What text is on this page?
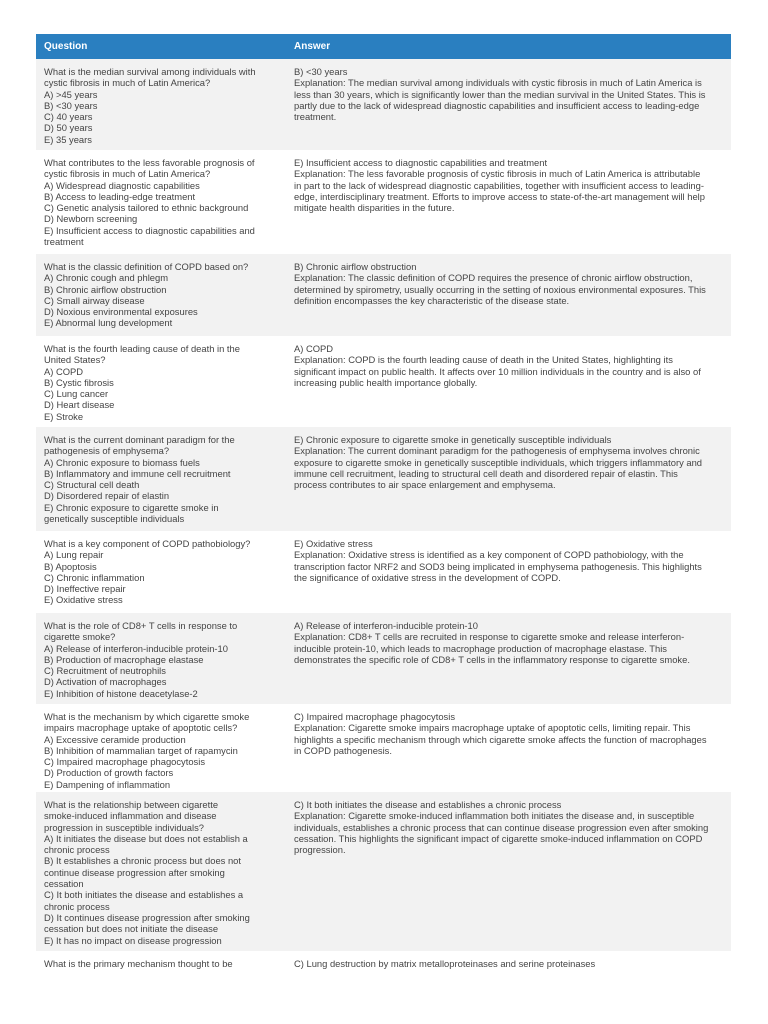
Question	Answer
What is the median survival among individuals with
cystic fibrosis in much of Latin America?
A) >45 years
B) <30 years
C) 40 years
D) 50 years
E) 35 years
B) <30 years
Explanation: The median survival among individuals with cystic fibrosis in much of Latin America is less than 30 years, which is significantly lower than the median survival in the United States. This is partly due to the lack of widespread diagnostic capabilities and insufficient access to leading-edge treatment.
What contributes to the less favorable prognosis of
cystic fibrosis in much of Latin America?
A) Widespread diagnostic capabilities
B) Access to leading-edge treatment
C) Genetic analysis tailored to ethnic background
D) Newborn screening
E) Insufficient access to diagnostic capabilities and
treatment
E) Insufficient access to diagnostic capabilities and treatment
Explanation: The less favorable prognosis of cystic fibrosis in much of Latin America is attributable in part to the lack of widespread diagnostic capabilities, together with insufficient access to leading-edge, interdisciplinary treatment. Efforts to improve access to state-of-the-art management will help mitigate health disparities in the future.
What is the classic definition of COPD based on?
A) Chronic cough and phlegm
B) Chronic airflow obstruction
C) Small airway disease
D) Noxious environmental exposures
E) Abnormal lung development
B) Chronic airflow obstruction
Explanation: The classic definition of COPD requires the presence of chronic airflow obstruction, determined by spirometry, usually occurring in the setting of noxious environmental exposures. This definition encompasses the key characteristic of the disease state.
What is the fourth leading cause of death in the
United States?
A) COPD
B) Cystic fibrosis
C) Lung cancer
D) Heart disease
E) Stroke
A) COPD
Explanation: COPD is the fourth leading cause of death in the United States, highlighting its significant impact on public health. It affects over 10 million individuals in the country and is also of increasing public health importance globally.
What is the current dominant paradigm for the
pathogenesis of emphysema?
A) Chronic exposure to biomass fuels
B) Inflammatory and immune cell recruitment
C) Structural cell death
D) Disordered repair of elastin
E) Chronic exposure to cigarette smoke in
genetically susceptible individuals
E) Chronic exposure to cigarette smoke in genetically susceptible individuals
Explanation: The current dominant paradigm for the pathogenesis of emphysema involves chronic exposure to cigarette smoke in genetically susceptible individuals, which triggers inflammatory and immune cell recruitment, leading to structural cell death and disordered repair of elastin. This process contributes to air space enlargement and emphysema.
What is a key component of COPD pathobiology?
A) Lung repair
B) Apoptosis
C) Chronic inflammation
D) Ineffective repair
E) Oxidative stress
E) Oxidative stress
Explanation: Oxidative stress is identified as a key component of COPD pathobiology, with the transcription factor NRF2 and SOD3 being implicated in emphysema pathogenesis. This highlights the significance of oxidative stress in the development of COPD.
What is the role of CD8+ T cells in response to
cigarette smoke?
A) Release of interferon-inducible protein-10
B) Production of macrophage elastase
C) Recruitment of neutrophils
D) Activation of macrophages
E) Inhibition of histone deacetylase-2
A) Release of interferon-inducible protein-10
Explanation: CD8+ T cells are recruited in response to cigarette smoke and release interferon-inducible protein-10, which leads to macrophage production of macrophage elastase. This demonstrates the specific role of CD8+ T cells in the inflammatory response to cigarette smoke.
What is the mechanism by which cigarette smoke
impairs macrophage uptake of apoptotic cells?
A) Excessive ceramide production
B) Inhibition of mammalian target of rapamycin
C) Impaired macrophage phagocytosis
D) Production of growth factors
E) Dampening of inflammation
C) Impaired macrophage phagocytosis
Explanation: Cigarette smoke impairs macrophage uptake of apoptotic cells, limiting repair. This highlights a specific mechanism through which cigarette smoke affects the function of macrophages in COPD pathogenesis.
What is the relationship between cigarette
smoke-induced inflammation and disease
progression in susceptible individuals?
A) It initiates the disease but does not establish a
chronic process
B) It establishes a chronic process but does not
continue disease progression after smoking
cessation
C) It both initiates the disease and establishes a
chronic process
D) It continues disease progression after smoking
cessation but does not initiate the disease
E) It has no impact on disease progression
C) It both initiates the disease and establishes a chronic process
Explanation: Cigarette smoke-induced inflammation both initiates the disease and, in susceptible individuals, establishes a chronic process that can continue disease progression even after smoking cessation. This highlights the significant impact of cigarette smoke-induced inflammation on COPD progression.
What is the primary mechanism thought to be	C) Lung destruction by matrix metalloproteinases and serine proteinases
